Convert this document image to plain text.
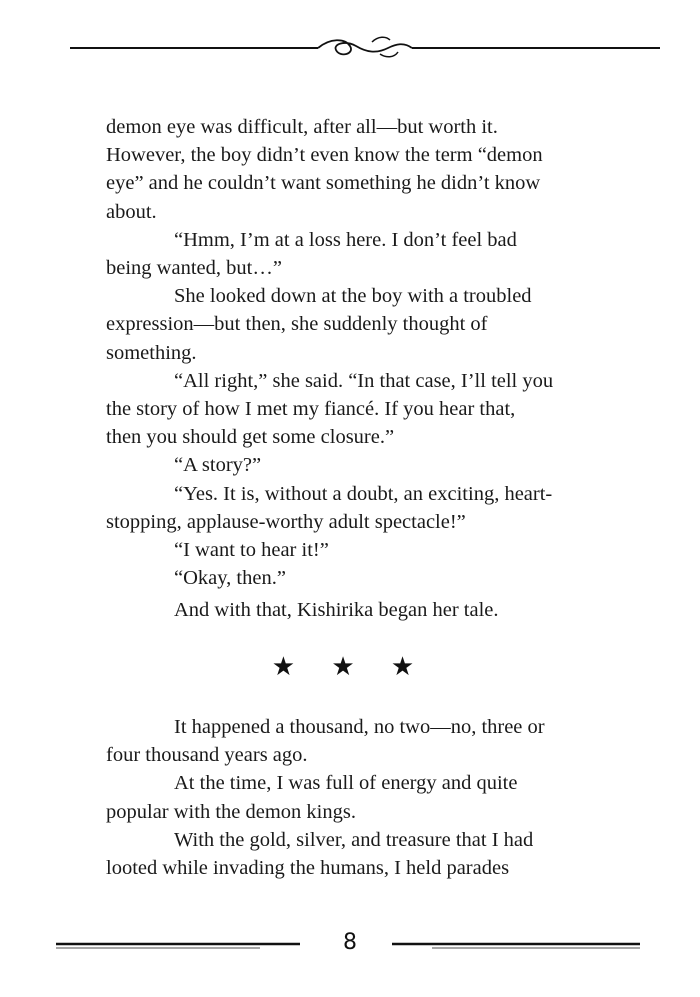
demon eye was difficult, after all—but worth it.

However, the boy didn’t even know the term “demon

eye” and he couldn’t want something he didn’t know

about.

“Hmm, I’m at a loss here. I don’t feel bad

being wanted, but…”

She looked down at the boy with a troubled

expression—but then, she suddenly thought of

something.

“All right,” she said. “In that case, I’ll tell you

the story of how I met my fiancé. If you hear that,

then you should get some closure.”

“A story?”

“Yes. It is, without a doubt, an exciting, heart-

stopping, applause-worthy adult spectacle!”

“I want to hear it!”

“Okay, then.”

And with that, Kishirika began her tale.

★ ★ ★

It happened a thousand, no two—no, three or

four thousand years ago.

At the time, I was full of energy and quite

popular with the demon kings.

With the gold, silver, and treasure that I had

looted while invading the humans, I held parades

8
